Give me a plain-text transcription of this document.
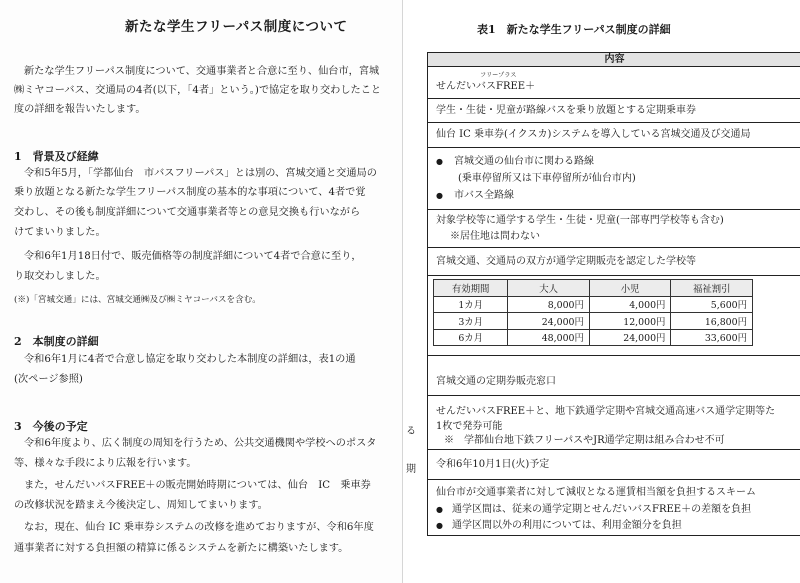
新たな学生フリーパス制度について
新たな学生フリーパス制度について、交通事業者と合意に至り、仙台市，宮城
㈱ミヤコーバス、交通局の4者(以下，「4者」という。)で協定を取り交わしたこと
度の詳細を報告いたします。
1　背景及び経緯
令和5年5月，「学都仙台　市バスフリーパス」とは別の、宮城交通と交通局の
乗り放題となる新たな学生フリーパス制度の基本的な事項について、4者で覚
交わし、その後も制度詳細について交通事業者等との意見交換も行いながら
けてまいりました。
令和6年1月18日付で、販売価格等の制度詳細について4者で合意に至り，
り取交わしました。
(※)「宮城交通」には、宮城交通㈱及び㈱ミヤコーバスを含む。
2　本制度の詳細
令和6年1月に4者で合意し協定を取り交わした本制度の詳細は，表1の通
(次ページ参照)
3　今後の予定
令和6年度より、広く制度の周知を行うため、公共交通機関や学校へのポスタ
等、様々な手段により広報を行います。
また，せんだいバスFREE＋の販売開始時期については、仙台　IC　乗車券
の改修状況を踏まえ今後決定し、周知してまいります。
なお，現在、仙台 IC 乗車券システムの改修を進めておりますが、令和6年度
通事業者に対する負担額の精算に係るシステムを新たに構築いたします。
表1　新たな学生フリーパス制度の詳細
内容
フリープラス
せんだいバスFREE＋
学生・生徒・児童が路線バスを乗り放題とする定期乗車券
仙台 IC 乗車券(イクスカ)システムを導入している宮城交通及び交通局
● 宮城交通の仙台市に関わる路線
(乗車停留所又は下車停留所が仙台市内)
● 市バス全路線
対象学校等に通学する学生・生徒・児童(一部専門学校等も含む)
※居住地は問わない
宮城交通、交通局の双方が通学定期販売を認定した学校等
宮城交通の定期券販売窓口
せんだいバスFREE＋と、地下鉄通学定期や宮城交通高速バス通学定期等た
1枚で発券可能
※　学都仙台地下鉄フリーパスやJR通学定期は組み合わせ不可
令和6年10月1日(火)予定
仙台市が交通事業者に対して減収となる運賃相当額を負担するスキーム
● 通学区間は、従来の通学定期とせんだいバスFREE＋の差額を負担
● 通学区間以外の利用については、利用金額分を負担
る
期
有効期間	大人	小児	福祉割引
1カ月	8,000円	4,000円	5,600円
3カ月	24,000円	12,000円	16,800円
6カ月	48,000円	24,000円	33,600円
